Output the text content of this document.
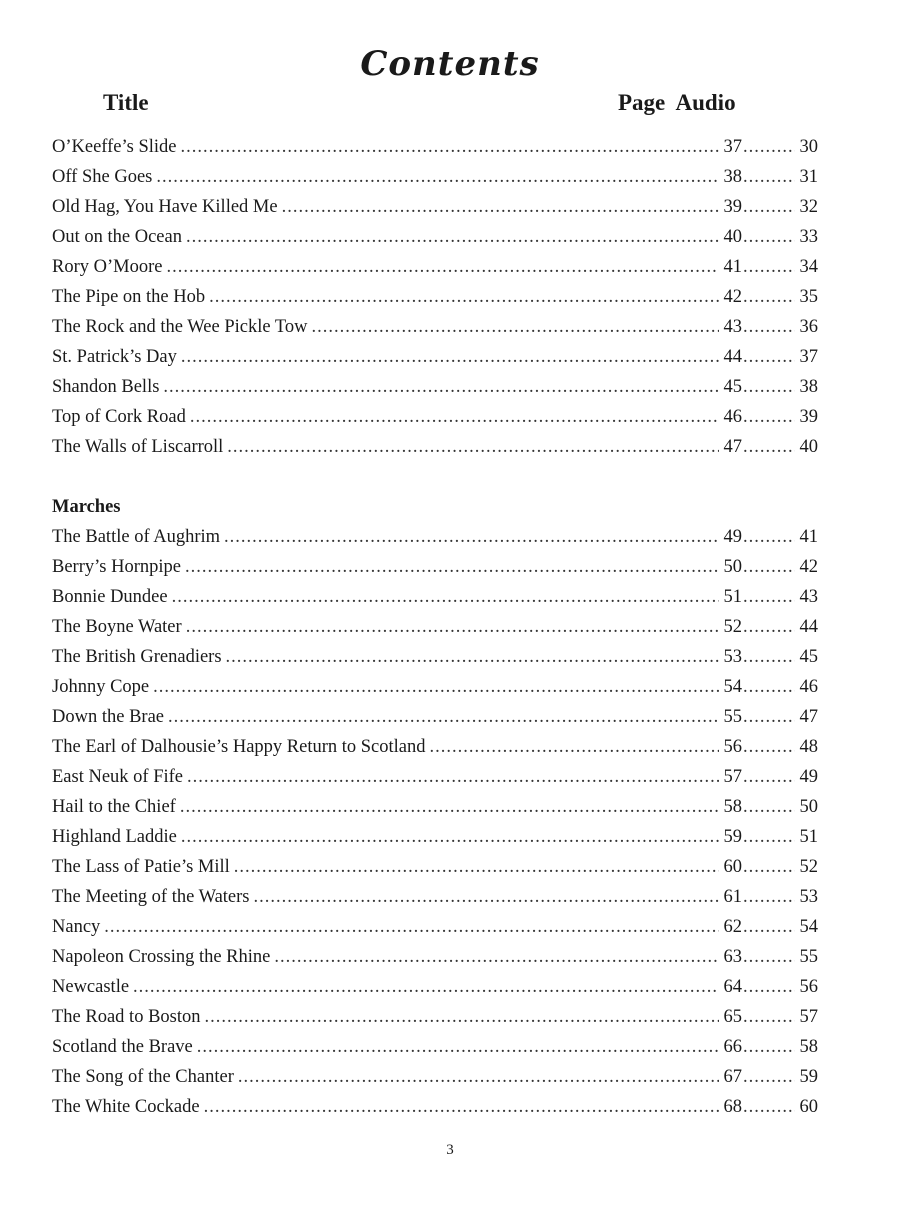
Contents
Title	Page  Audio
O’Keeffe’s Slide .....	37 .....	30
Off She Goes .....	38 .....	31
Old Hag, You Have Killed Me .....	39 .....	32
Out on the Ocean .....	40 .....	33
Rory O’Moore .....	41 .....	34
The Pipe on the Hob .....	42 .....	35
The Rock and the Wee Pickle Tow .....	43 .....	36
St. Patrick’s Day .....	44 .....	37
Shandon Bells .....	45 .....	38
Top of Cork Road .....	46 .....	39
The Walls of Liscarroll .....	47 .....	40
Marches
The Battle of Aughrim .....	49 .....	41
Berry’s Hornpipe .....	50 .....	42
Bonnie Dundee .....	51 .....	43
The Boyne Water .....	52 .....	44
The British Grenadiers .....	53 .....	45
Johnny Cope .....	54 .....	46
Down the Brae .....	55 .....	47
The Earl of Dalhousie’s Happy Return to Scotland .....	56 .....	48
East Neuk of Fife .....	57 .....	49
Hail to the Chief .....	58 .....	50
Highland Laddie .....	59 .....	51
The Lass of Patie’s Mill .....	60 .....	52
The Meeting of the Waters .....	61 .....	53
Nancy .....	62 .....	54
Napoleon Crossing the Rhine .....	63 .....	55
Newcastle .....	64 .....	56
The Road to Boston .....	65 .....	57
Scotland the Brave .....	66 .....	58
The Song of the Chanter .....	67 .....	59
The White Cockade .....	68 .....	60
3
